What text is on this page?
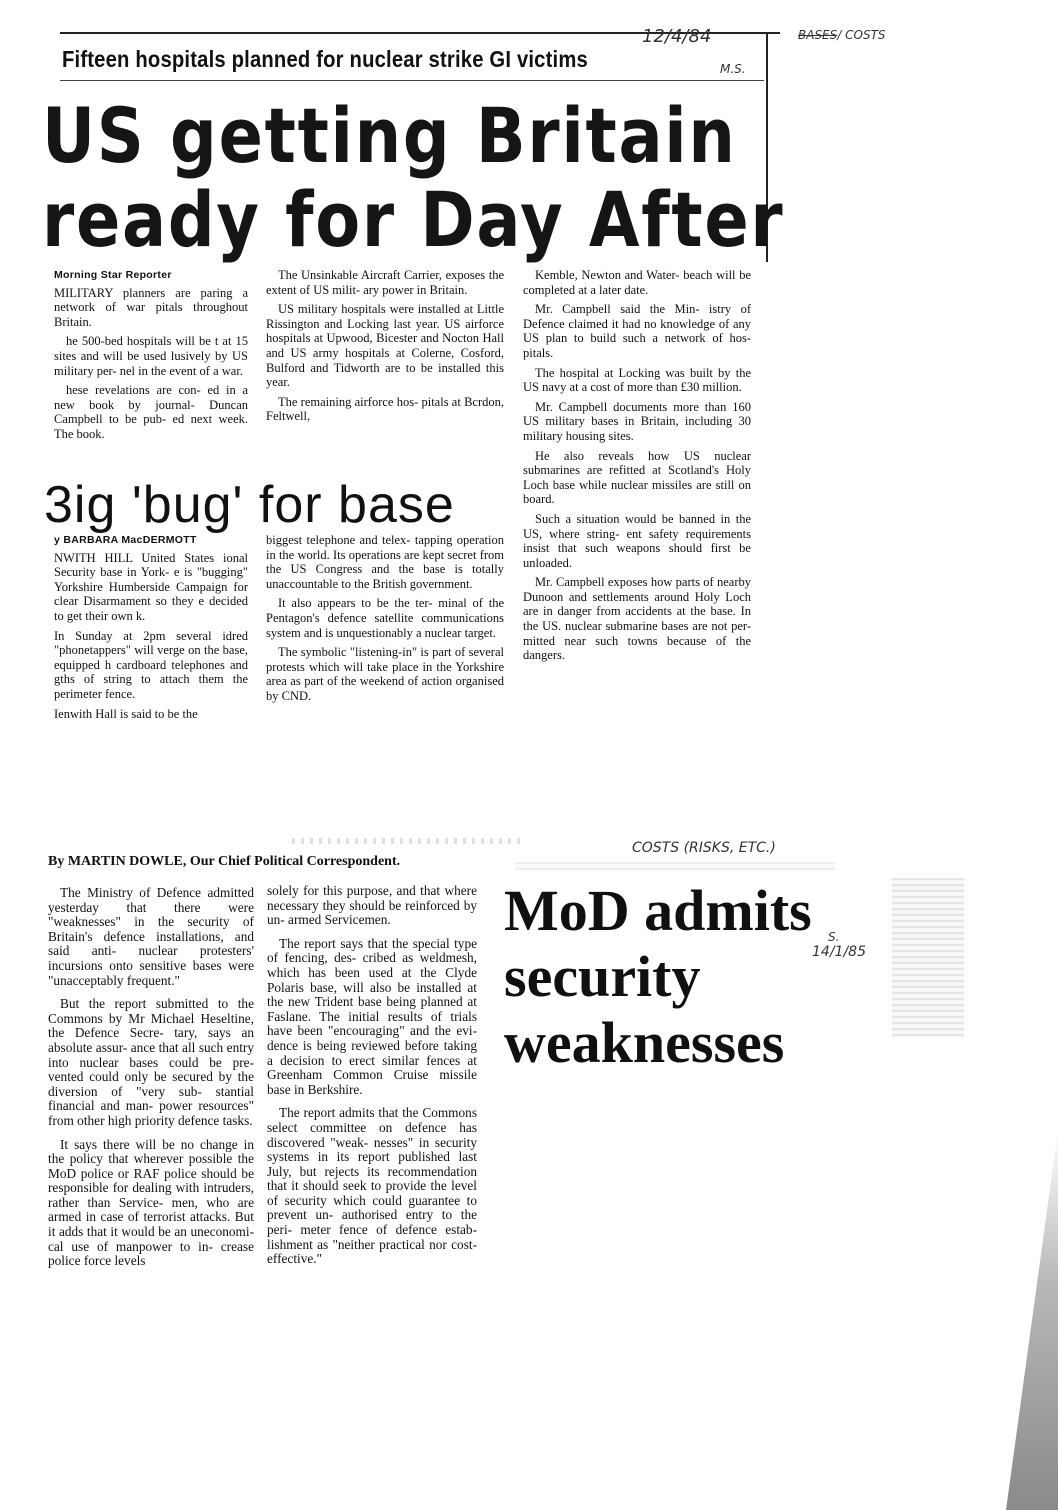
Fifteen hospitals planned for nuclear strike GI victims
12/4/84
M.S.
BASES/ COSTS
US getting Britain
ready for Day After
Morning Star Reporter

MILITARY planners are paring a network of war pitals throughout Britain.

he 500-bed hospitals will be t at 15 sites and will be used lusively by US military per- nel in the event of a war.

hese revelations are con- ed in a new book by journal- Duncan Campbell to be pub- ed next week. The book.

The Unsinkable Aircraft Carrier, exposes the extent of US milit- ary power in Britain.

US military hospitals were installed at Little Rissington and Locking last year. US airforce hospitals at Upwood, Bicester and Nocton Hall and US army hospitals at Colerne, Cosford, Bulford and Tidworth are to be installed this year.

The remaining airforce hos- pitals at Bcrdon, Feltwell,

Kemble, Newton and Water- beach will be completed at a later date.

Mr. Campbell said the Min- istry of Defence claimed it had no knowledge of any US plan to build such a network of hos- pitals.

The hospital at Locking was built by the US navy at a cost of more than £30 million.

Mr. Campbell documents more than 160 US military bases in Britain, including 30 military housing sites.

He also reveals how US nuclear submarines are refitted at Scotland's Holy Loch base while nuclear missiles are still on board.

Such a situation would be banned in the US, where string- ent safety requirements insist that such weapons should first be unloaded.

Mr. Campbell exposes how parts of nearby Dunoon and settlements around Holy Loch are in danger from accidents at the base. In the US. nuclear submarine bases are not per- mitted near such towns because of the dangers.

3ig 'bug' for base
y BARBARA MacDERMOTT

NWITH HILL United States ional Security base in York- e is "bugging" Yorkshire Humberside Campaign for clear Disarmament so they e decided to get their own k.

In Sunday at 2pm several idred "phonetappers" will verge on the base, equipped h cardboard telephones and gths of string to attach them the perimeter fence.

Ienwith Hall is said to be the

biggest telephone and telex- tapping operation in the world. Its operations are kept secret from the US Congress and the base is totally unaccountable to the British government.

It also appears to be the ter- minal of the Pentagon's defence satellite communications system and is unquestionably a nuclear target.

The symbolic "listening-in" is part of several protests which will take place in the Yorkshire area as part of the weekend of action organised by CND.

By MARTIN DOWLE, Our Chief Political Correspondent.
COSTS (RISKS, ETC.)

The Ministry of Defence admitted yesterday that there were "weaknesses" in the security of Britain's defence installations, and said anti- nuclear protesters' incursions onto sensitive bases were "unacceptably frequent."

But the report submitted to the Commons by Mr Michael Heseltine, the Defence Secre- tary, says an absolute assur- ance that all such entry into nuclear bases could be pre- vented could only be secured by the diversion of "very sub- stantial financial and man- power resources" from other high priority defence tasks.

It says there will be no change in the policy that wherever possible the MoD police or RAF police should be responsible for dealing with intruders, rather than Service- men, who are armed in case of terrorist attacks. But it adds that it would be an uneconomi- cal use of manpower to in- crease police force levels

solely for this purpose, and that where necessary they should be reinforced by un- armed Servicemen.

The report says that the special type of fencing, des- cribed as weldmesh, which has been used at the Clyde Polaris base, will also be installed at the new Trident base being planned at Faslane. The initial results of trials have been "encouraging" and the evi- dence is being reviewed before taking a decision to erect similar fences at Greenham Common Cruise missile base in Berkshire.

The report admits that the Commons select committee on defence has discovered "weak- nesses" in security systems in its report published last July, but rejects its recommendation that it should seek to provide the level of security which could guarantee to prevent un- authorised entry to the peri- meter fence of defence estab- lishment as "neither practical nor cost-effective."

MoD admits
security
weaknesses
S.
14/1/85
